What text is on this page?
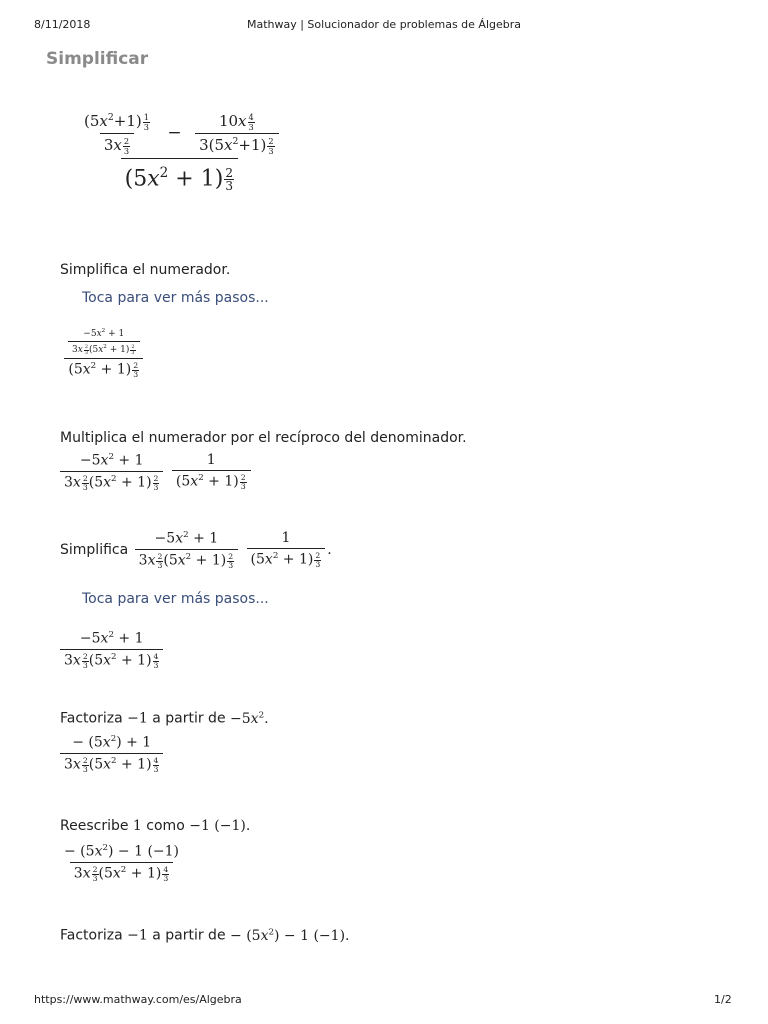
8/11/2018	Mathway | Solucionador de problemas de Álgebra
Simplificar
$\frac{(5x^2+1) \frac{1}{3}}{3x \frac{2}{3}} - \frac{10x \frac{4}{3}}{3(5x^2+1) \frac{2}{3}}$
$(5x^2 + 1) \frac{2}{3}$
Simplifica el numerador.
Toca para ver más pasos...
$\frac{\frac{-5x^2 + 1}{3x \frac{2}{3} (5x^2 + 1) \frac{2}{3}}}{(5x^2 + 1) \frac{2}{3}}$
Multiplica el numerador por el recíproco del denominador.
$\frac{-5x^2 + 1}{3x \frac{2}{3} (5x^2 + 1) \frac{2}{3}}$
$\frac{1}{(5x^2 + 1) \frac{2}{3}}$
Simplifica $\frac{-5x^2 + 1}{3x \frac{2}{3} (5x^2 + 1) \frac{2}{3}}$
$\frac{1}{(5x^2 + 1) \frac{2}{3}}$ .
Toca para ver más pasos...
$\frac{-5x^2 + 1}{3x \frac{2}{3} (5x^2 + 1) \frac{4}{3}}$
Factoriza −1 a partir de $-5x^2$.
$\frac{- (5x^2) + 1}{3x \frac{2}{3} (5x^2 + 1) \frac{4}{3}}$
Reescribe 1 como −1 (−1).
$\frac{- (5x^2) - 1 (-1)}{3x \frac{2}{3} (5x^2 + 1) \frac{4}{3}}$
Factoriza −1 a partir de − $(5x^2) - 1$ (−1).
https://www.mathway.com/es/Algebra	1/2
